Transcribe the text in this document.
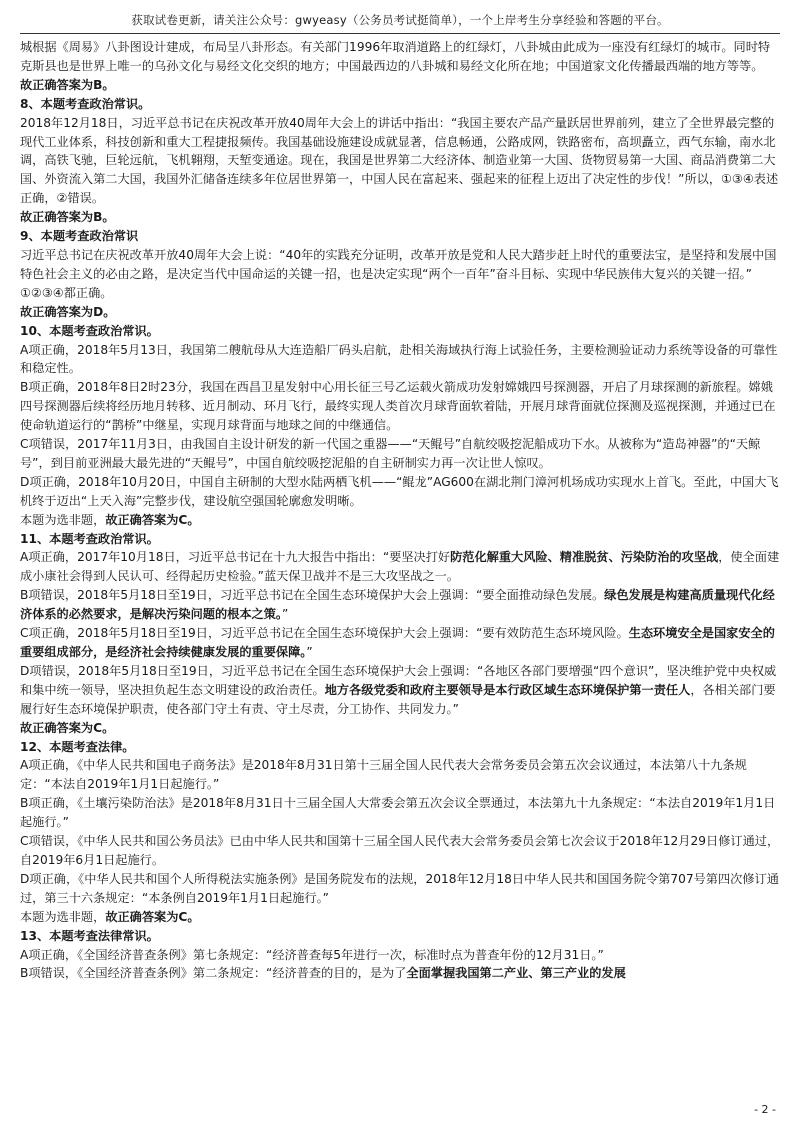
获取试卷更新，请关注公众号：gwyeasy（公务员考试挺简单），一个上岸考生分享经验和答题的平台。

城根据《周易》八卦图设计建成，布局呈八卦形态。有关部门1996年取消道路上的红绿灯，八卦城由此成为一座没有红绿灯的城市。同时特克斯县也是世界上唯一的乌孙文化与易经文化交织的地方；中国最西边的八卦城和易经文化所在地；中国道家文化传播最西端的地方等等。

故正确答案为B。

8、本题考查政治常识。

2018年12月18日，习近平总书记在庆祝改革开放40周年大会上的讲话中指出：“我国主要农产品产量跃居世界前列，建立了全世界最完整的现代工业体系，科技创新和重大工程捷报频传。我国基础设施建设成就显著，信息畅通，公路成网，铁路密布，高坝矗立，西气东输，南水北调，高铁飞驰，巨轮远航，飞机翱翔，天堑变通途。现在，我国是世界第二大经济体、制造业第一大国、货物贸易第一大国、商品消费第二大国、外资流入第二大国，我国外汇储备连续多年位居世界第一，中国人民在富起来、强起来的征程上迈出了决定性的步伐！”所以，①③④表述正确，②错误。

故正确答案为B。

9、本题考查政治常识

习近平总书记在庆祝改革开放40周年大会上说：“40年的实践充分证明，改革开放是党和人民大踏步赶上时代的重要法宝，是坚持和发展中国特色社会主义的必由之路，是决定当代中国命运的关键一招，也是决定实现“两个一百年”奋斗目标、实现中华民族伟大复兴的关键一招。”

①②③④都正确。

故正确答案为D。

10、本题考查政治常识。

A项正确，2018年5月13日，我国第二艘航母从大连造船厂码头启航，赴相关海域执行海上试验任务，主要检测验证动力系统等设备的可靠性和稳定性。

B项正确，2018年8日2时23分，我国在西昌卫星发射中心用长征三号乙运载火箭成功发射嫦娥四号探测器，开启了月球探测的新旅程。嫦娥四号探测器后续将经历地月转移、近月制动、环月飞行，最终实现人类首次月球背面软着陆，开展月球背面就位探测及巡视探测，并通过已在使命轨道运行的“鹊桥”中继星，实现月球背面与地球之间的中继通信。

C项错误，2017年11月3日，由我国自主设计研发的新一代国之重器——“天鲲号”自航绞吸挖泥船成功下水。从被称为“造岛神器”的“天鲸号”，到目前亚洲最大最先进的“天鲲号”，中国自航绞吸挖泥船的自主研制实力再一次让世人惊叹。

D项正确，2018年10月20日，中国自主研制的大型水陆两栖飞机——“鲲龙”AG600在湖北荆门漳河机场成功实现水上首飞。至此，中国大飞机终于迈出“上天入海”完整步伐，建设航空强国轮廓愈发明晰。

本题为选非题，故正确答案为C。

11、本题考查政治常识。

A项正确，2017年10月18日，习近平总书记在十九大报告中指出：“要坚决打好防范化解重大风险、精准脱贫、污染防治的攻坚战，使全面建成小康社会得到人民认可、经得起历史检验。”蓝天保卫战并不是三大攻坚战之一。

B项错误，2018年5月18日至19日，习近平总书记在全国生态环境保护大会上强调：“要全面推动绿色发展。绿色发展是构建高质量现代化经济体系的必然要求，是解决污染问题的根本之策。”

C项正确，2018年5月18日至19日，习近平总书记在全国生态环境保护大会上强调：“要有效防范生态环境风险。生态环境安全是国家安全的重要组成部分，是经济社会持续健康发展的重要保障。”

D项错误，2018年5月18日至19日，习近平总书记在全国生态环境保护大会上强调：“各地区各部门要增强“四个意识”，坚决维护党中央权威和集中统一领导，坚决担负起生态文明建设的政治责任。地方各级党委和政府主要领导是本行政区域生态环境保护第一责任人，各相关部门要履行好生态环境保护职责，使各部门守土有责、守土尽责，分工协作、共同发力。”

故正确答案为C。

12、本题考查法律。

A项正确，《中华人民共和国电子商务法》是2018年8月31日第十三届全国人民代表大会常务委员会第五次会议通过，本法第八十九条规定：“本法自2019年1月1日起施行。”

B项正确，《土壤污染防治法》是2018年8月31日十三届全国人大常委会第五次会议全票通过，本法第九十九条规定：“本法自2019年1月1日起施行。”

C项错误，《中华人民共和国公务员法》已由中华人民共和国第十三届全国人民代表大会常务委员会第七次会议于2018年12月29日修订通过，自2019年6月1日起施行。

D项正确，《中华人民共和国个人所得税法实施条例》是国务院发布的法规，2018年12月18日中华人民共和国国务院令第707号第四次修订通过，第三十六条规定：“本条例自2019年1月1日起施行。”

本题为选非题，故正确答案为C。

13、本题考查法律常识。

A项正确，《全国经济普查条例》第七条规定：“经济普查每5年进行一次，标准时点为普查年份的12月31日。”

B项错误，《全国经济普查条例》第二条规定：“经济普查的目的，是为了全面掌握我国第二产业、第三产业的发展

- 2 -
